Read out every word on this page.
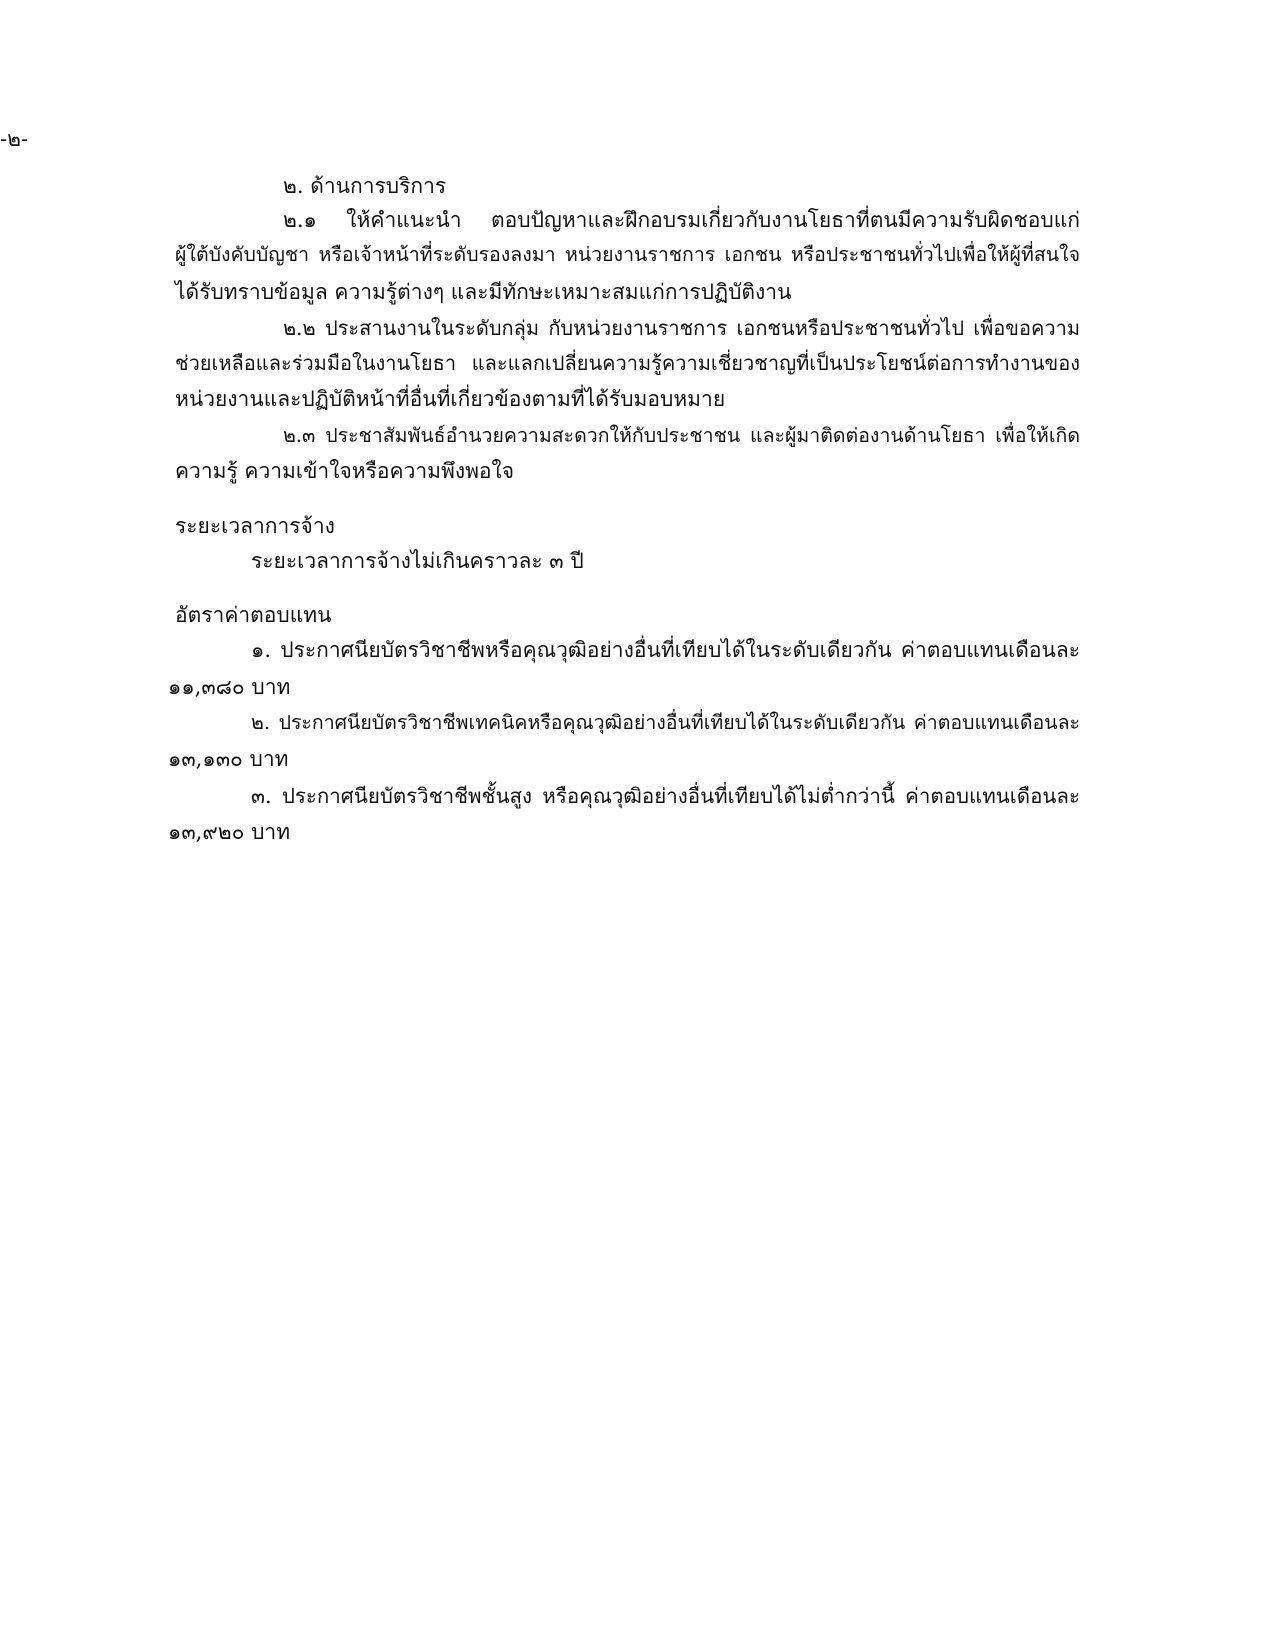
-๒-
๒. ด้านการบริการ
๒.๑ ให้คำแนะนำ ตอบปัญหาและฝึกอบรมเกี่ยวกับงานโยธาที่ตนมีความรับผิดชอบแก่
ผู้ใต้บังคับบัญชา หรือเจ้าหน้าที่ระดับรองลงมา หน่วยงานราชการ เอกชน หรือประชาชนทั่วไปเพื่อให้ผู้ที่สนใจ
ได้รับทราบข้อมูล ความรู้ต่างๆ และมีทักษะเหมาะสมแก่การปฏิบัติงาน
๒.๒ ประสานงานในระดับกลุ่ม กับหน่วยงานราชการ เอกชนหรือประชาชนทั่วไป เพื่อขอความ
ช่วยเหลือและร่วมมือในงานโยธา และแลกเปลี่ยนความรู้ความเชี่ยวชาญที่เป็นประโยชน์ต่อการทำงานของ
หน่วยงานและปฏิบัติหน้าที่อื่นที่เกี่ยวข้องตามที่ได้รับมอบหมาย
๒.๓ ประชาสัมพันธ์อำนวยความสะดวกให้กับประชาชน และผู้มาติดต่องานด้านโยธา เพื่อให้เกิด
ความรู้ ความเข้าใจหรือความพึงพอใจ
ระยะเวลาการจ้าง
ระยะเวลาการจ้างไม่เกินคราวละ ๓ ปี
อัตราค่าตอบแทน
๑. ประกาศนียบัตรวิชาชีพหรือคุณวุฒิอย่างอื่นที่เทียบได้ในระดับเดียวกัน ค่าตอบแทนเดือนละ
๑๑,๓๘๐ บาท
๒. ประกาศนียบัตรวิชาชีพเทคนิคหรือคุณวุฒิอย่างอื่นที่เทียบได้ในระดับเดียวกัน ค่าตอบแทนเดือนละ
๑๓,๑๓๐ บาท
๓. ประกาศนียบัตรวิชาชีพชั้นสูง หรือคุณวุฒิอย่างอื่นที่เทียบได้ไม่ต่ำกว่านี้ ค่าตอบแทนเดือนละ
๑๓,๙๒๐ บาท
